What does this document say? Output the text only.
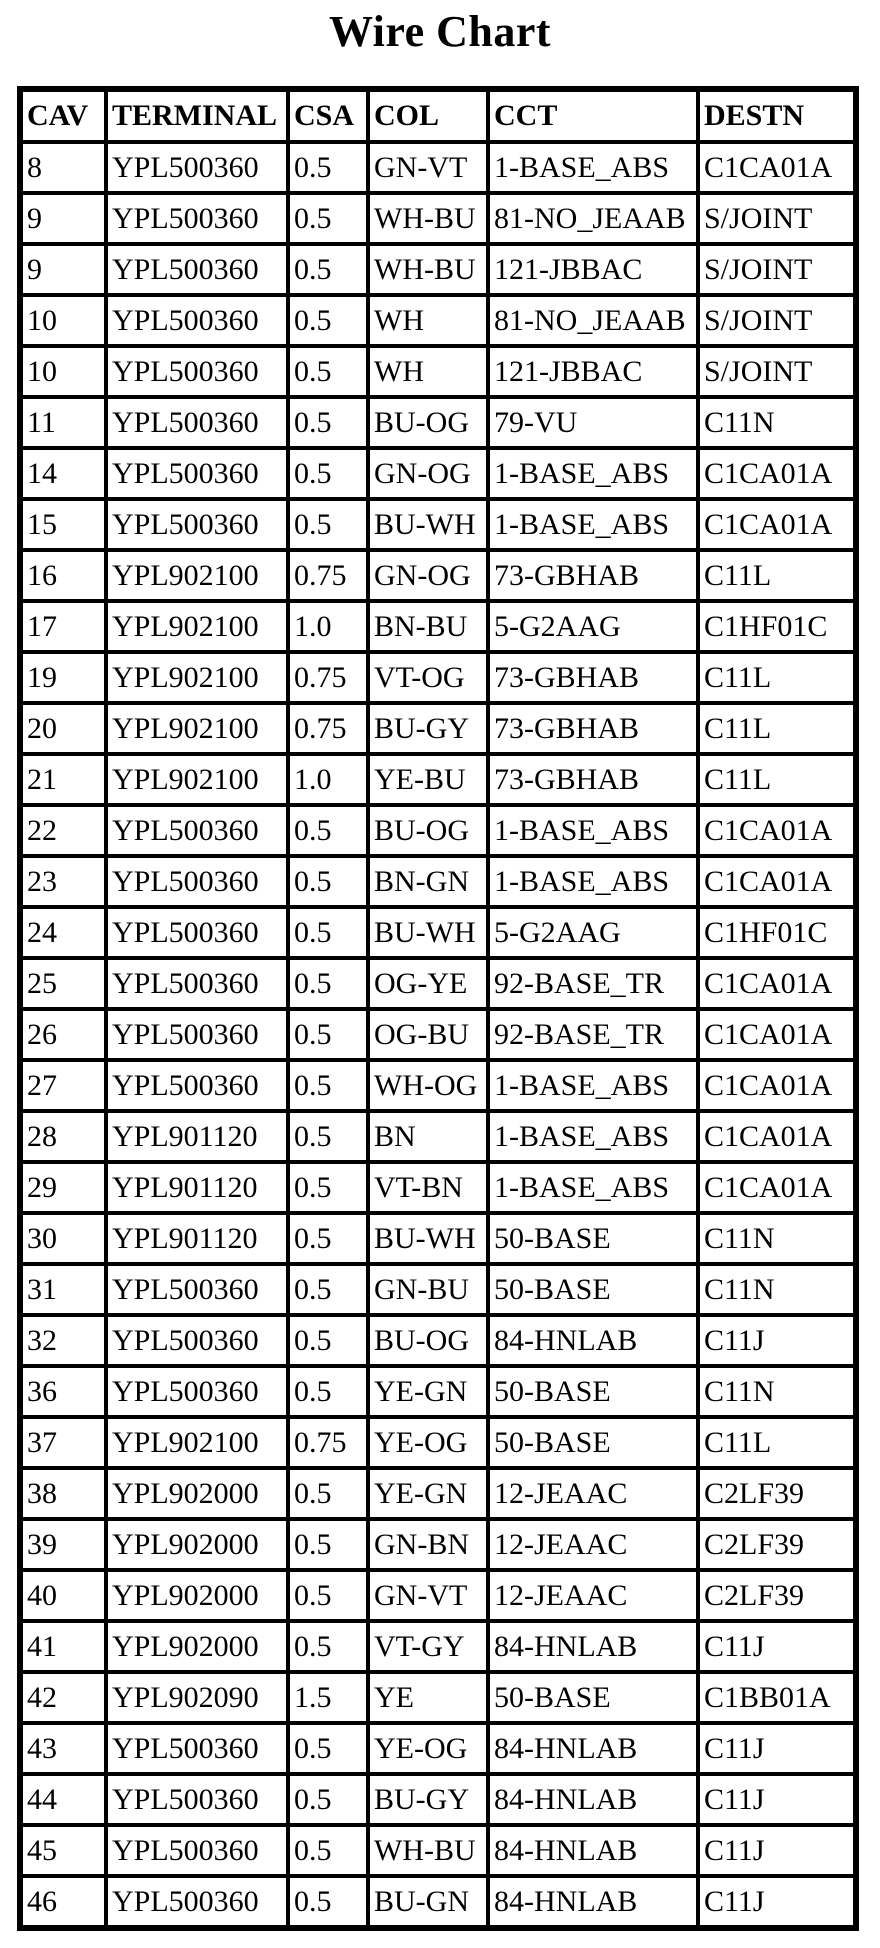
Wire Chart
CAV	TERMINAL	CSA	COL	CCT	DESTN
8	YPL500360	0.5	GN-VT	1-BASE_ABS	C1CA01A
9	YPL500360	0.5	WH-BU	81-NO_JEAAB	S/JOINT
9	YPL500360	0.5	WH-BU	121-JBBAC	S/JOINT
10	YPL500360	0.5	WH	81-NO_JEAAB	S/JOINT
10	YPL500360	0.5	WH	121-JBBAC	S/JOINT
11	YPL500360	0.5	BU-OG	79-VU	C11N
14	YPL500360	0.5	GN-OG	1-BASE_ABS	C1CA01A
15	YPL500360	0.5	BU-WH	1-BASE_ABS	C1CA01A
16	YPL902100	0.75	GN-OG	73-GBHAB	C11L
17	YPL902100	1.0	BN-BU	5-G2AAG	C1HF01C
19	YPL902100	0.75	VT-OG	73-GBHAB	C11L
20	YPL902100	0.75	BU-GY	73-GBHAB	C11L
21	YPL902100	1.0	YE-BU	73-GBHAB	C11L
22	YPL500360	0.5	BU-OG	1-BASE_ABS	C1CA01A
23	YPL500360	0.5	BN-GN	1-BASE_ABS	C1CA01A
24	YPL500360	0.5	BU-WH	5-G2AAG	C1HF01C
25	YPL500360	0.5	OG-YE	92-BASE_TR	C1CA01A
26	YPL500360	0.5	OG-BU	92-BASE_TR	C1CA01A
27	YPL500360	0.5	WH-OG	1-BASE_ABS	C1CA01A
28	YPL901120	0.5	BN	1-BASE_ABS	C1CA01A
29	YPL901120	0.5	VT-BN	1-BASE_ABS	C1CA01A
30	YPL901120	0.5	BU-WH	50-BASE	C11N
31	YPL500360	0.5	GN-BU	50-BASE	C11N
32	YPL500360	0.5	BU-OG	84-HNLAB	C11J
36	YPL500360	0.5	YE-GN	50-BASE	C11N
37	YPL902100	0.75	YE-OG	50-BASE	C11L
38	YPL902000	0.5	YE-GN	12-JEAAC	C2LF39
39	YPL902000	0.5	GN-BN	12-JEAAC	C2LF39
40	YPL902000	0.5	GN-VT	12-JEAAC	C2LF39
41	YPL902000	0.5	VT-GY	84-HNLAB	C11J
42	YPL902090	1.5	YE	50-BASE	C1BB01A
43	YPL500360	0.5	YE-OG	84-HNLAB	C11J
44	YPL500360	0.5	BU-GY	84-HNLAB	C11J
45	YPL500360	0.5	WH-BU	84-HNLAB	C11J
46	YPL500360	0.5	BU-GN	84-HNLAB	C11J
